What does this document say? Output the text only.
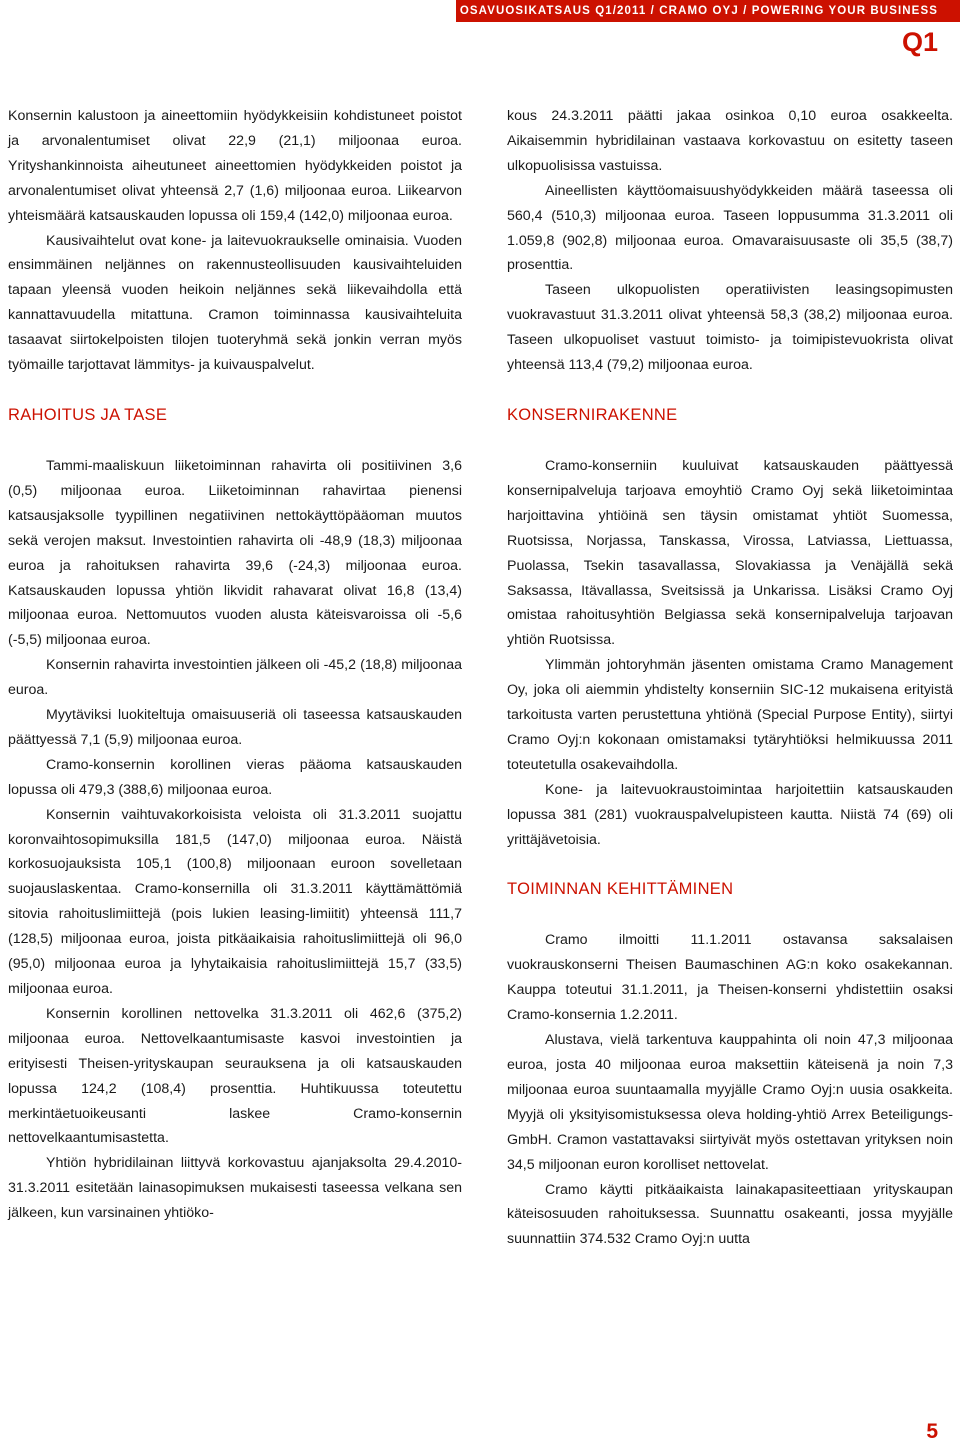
OSAVUOSIKATSAUS Q1/2011 / CRAMO OYJ / POWERING YOUR BUSINESS
Q1

Konsernin kalustoon ja aineettomiin hyödykkeisiin kohdistuneet poistot ja arvonalentumiset olivat 22,9 (21,1) miljoonaa euroa. Yrityshankinnoista aiheutuneet aineettomien hyödykkeiden poistot ja arvonalentumiset olivat yhteensä 2,7 (1,6) miljoonaa euroa. Liikearvon yhteismäärä katsauskauden lopussa oli 159,4 (142,0) miljoonaa euroa.

Kausivaihtelut ovat kone- ja laitevuokraukselle ominaisia. Vuoden ensimmäinen neljännes on rakennusteollisuuden kausivaihteluiden tapaan yleensä vuoden heikoin neljännes sekä liikevaihdolla että kannattavuudella mitattuna. Cramon toiminnassa kausivaihteluita tasaavat siirtokelpoisten tilojen tuoteryhmä sekä jonkin verran myös työmaille tarjottavat lämmitys- ja kuivauspalvelut.

RAHOITUS JA TASE

Tammi-maaliskuun liiketoiminnan rahavirta oli positiivinen 3,6 (0,5) miljoonaa euroa. Liiketoiminnan rahavirtaa pienensi katsausjaksolle tyypillinen negatiivinen nettokäyttöpääoman muutos sekä verojen maksut. Investointien rahavirta oli -48,9 (18,3) miljoonaa euroa ja rahoituksen rahavirta 39,6 (-24,3) miljoonaa euroa. Katsauskauden lopussa yhtiön likvidit rahavarat olivat 16,8 (13,4) miljoonaa euroa. Nettomuutos vuoden alusta käteisvaroissa oli -5,6 (-5,5) miljoonaa euroa.

Konsernin rahavirta investointien jälkeen oli -45,2 (18,8) miljoonaa euroa.

Myytäviksi luokiteltuja omaisuuseriä oli taseessa katsauskauden päättyessä 7,1 (5,9) miljoonaa euroa.

Cramo-konsernin korollinen vieras pääoma katsauskauden lopussa oli 479,3 (388,6) miljoonaa euroa.

Konsernin vaihtuvakorkoisista veloista oli 31.3.2011 suojattu koronvaihtosopimuksilla 181,5 (147,0) miljoonaa euroa. Näistä korkosuojauksista 105,1 (100,8) miljoonaan euroon sovelletaan suojauslaskentaa. Cramo-konsernilla oli 31.3.2011 käyttämättömiä sitovia rahoituslimiittejä (pois lukien leasing-limiitit) yhteensä 111,7 (128,5) miljoonaa euroa, joista pitkäaikaisia rahoituslimiittejä oli 96,0 (95,0) miljoonaa euroa ja lyhytaikaisia rahoituslimiittejä 15,7 (33,5) miljoonaa euroa.

Konsernin korollinen nettovelka 31.3.2011 oli 462,6 (375,2) miljoonaa euroa. Nettovelkaantumisaste kasvoi investointien ja erityisesti Theisen-yrityskaupan seurauksena ja oli katsauskauden lopussa 124,2 (108,4) prosenttia. Huhtikuussa toteutettu merkintäetuoikeusanti laskee Cramo-konsernin nettovelkaantumisastetta.

Yhtiön hybridilainan liittyvä korkovastuu ajanjaksolta 29.4.2010-31.3.2011 esitetään lainasopimuksen mukaisesti taseessa velkana sen jälkeen, kun varsinainen yhtiöko-

kous 24.3.2011 päätti jakaa osinkoa 0,10 euroa osakkeelta. Aikaisemmin hybridilainan vastaava korkovastuu on esitetty taseen ulkopuolisissa vastuissa.

Aineellisten käyttöomaisuushyödykkeiden määrä taseessa oli 560,4 (510,3) miljoonaa euroa. Taseen loppusumma 31.3.2011 oli 1.059,8 (902,8) miljoonaa euroa. Omavaraisuusaste oli 35,5 (38,7) prosenttia.

Taseen ulkopuolisten operatiivisten leasingsopimusten vuokravastuut 31.3.2011 olivat yhteensä 58,3 (38,2) miljoonaa euroa. Taseen ulkopuoliset vastuut toimisto- ja toimipistevuokrista olivat yhteensä 113,4 (79,2) miljoonaa euroa.

KONSERNIRAKENNE

Cramo-konserniin kuuluivat katsauskauden päättyessä konsernipalveluja tarjoava emoyhtiö Cramo Oyj sekä liiketoimintaa harjoittavina yhtiöinä sen täysin omistamat yhtiöt Suomessa, Ruotsissa, Norjassa, Tanskassa, Virossa, Latviassa, Liettuassa, Puolassa, Tsekin tasavallassa, Slovakiassa ja Venäjällä sekä Saksassa, Itävallassa, Sveitsissä ja Unkarissa. Lisäksi Cramo Oyj omistaa rahoitusyhtiön Belgiassa sekä konsernipalveluja tarjoavan yhtiön Ruotsissa.

Ylimmän johtoryhmän jäsenten omistama Cramo Management Oy, joka oli aiemmin yhdistelty konserniin SIC-12 mukaisena erityistä tarkoitusta varten perustettuna yhtiönä (Special Purpose Entity), siirtyi Cramo Oyj:n kokonaan omistamaksi tytäryhtiöksi helmikuussa 2011 toteutetulla osakevaihdolla.

Kone- ja laitevuokraustoimintaa harjoitettiin katsauskauden lopussa 381 (281) vuokrauspalvelupisteen kautta. Niistä 74 (69) oli yrittäjävetoisia.

TOIMINNAN KEHITTÄMINEN

Cramo ilmoitti 11.1.2011 ostavansa saksalaisen vuokrauskonserni Theisen Baumaschinen AG:n koko osakekannan. Kauppa toteutui 31.1.2011, ja Theisen-konserni yhdistettiin osaksi Cramo-konsernia 1.2.2011.

Alustava, vielä tarkentuva kauppahinta oli noin 47,3 miljoonaa euroa, josta 40 miljoonaa euroa maksettiin käteisenä ja noin 7,3 miljoonaa euroa suuntaamalla myyjälle Cramo Oyj:n uusia osakkeita. Myyjä oli yksityisomistuksessa oleva holding-yhtiö Arrex Beteiligungs-GmbH. Cramon vastattavaksi siirtyivät myös ostettavan yrityksen noin 34,5 miljoonan euron korolliset nettovelat.

Cramo käytti pitkäaikaista lainakapasiteettiaan yrityskaupan käteisosuuden rahoituksessa. Suunnattu osakeanti, jossa myyjälle suunnattiin 374.532 Cramo Oyj:n uutta

5
